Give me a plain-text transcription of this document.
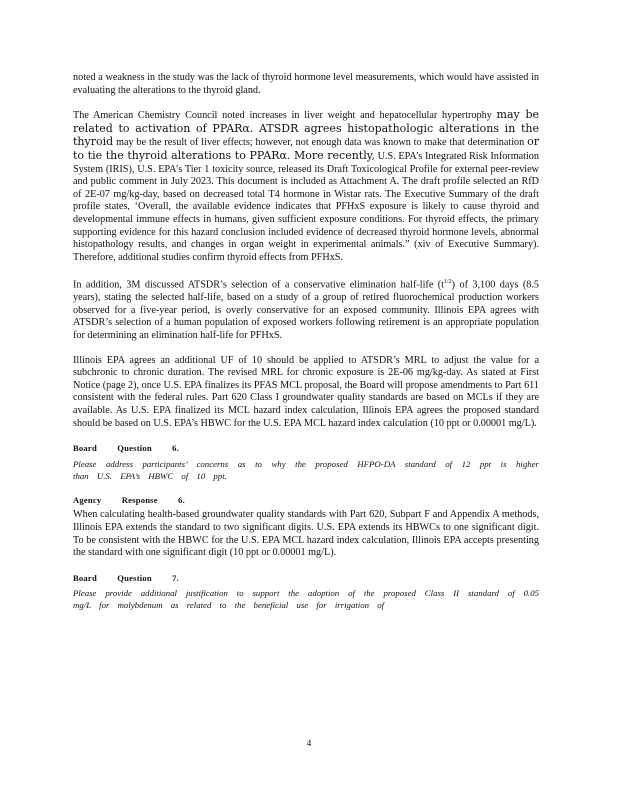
noted a weakness in the study was the lack of thyroid hormone level measurements, which would have assisted in evaluating the alterations to the thyroid gland.

The American Chemistry Council noted increases in liver weight and hepatocellular hypertrophy may be related to activation of PPARα. ATSDR agrees histopathologic alterations in the thyroid may be the result of liver effects; however, not enough data was known to make that determination or to tie the thyroid alterations to PPARα. More recently, U.S. EPA’s Integrated Risk Information System (IRIS), U.S. EPA’s Tier 1 toxicity source, released its Draft Toxicological Profile for external peer-review and public comment in July 2023. This document is included as Attachment A. The draft profile selected an RfD of 2E-07 mg/kg-day, based on decreased total T4 hormone in Wistar rats. The Executive Summary of the draft profile states, ‘Overall, the available evidence indicates that PFHxS exposure is likely to cause thyroid and developmental immune effects in humans, given sufficient exposure conditions. For thyroid effects, the primary supporting evidence for this hazard conclusion included evidence of decreased thyroid hormone levels, abnormal histopathology results, and changes in organ weight in experimental animals.” (xiv of Executive Summary). Therefore, additional studies confirm thyroid effects from PFHxS.

In addition, 3M discussed ATSDR’s selection of a conservative elimination half-life $(t^{1/2})$ of 3,100 days (8.5 years), stating the selected half-life, based on a study of a group of retired fluorochemical production workers observed for a five-year period, is overly conservative for an exposed community. Illinois EPA agrees with ATSDR’s selection of a human population of exposed workers following retirement is an appropriate population for determining an elimination half-life for PFHxS.

Illinois EPA agrees an additional UF of 10 should be applied to ATSDR’s MRL to adjust the value for a subchronic to chronic duration. The revised MRL for chronic exposure is 2E-06 mg/kg-day. As stated at First Notice (page 2), once U.S. EPA finalizes its PFAS MCL proposal, the Board will propose amendments to Part 611 consistent with the federal rules. Part 620 Class I groundwater quality standards are based on MCLs if they are available. As U.S. EPA finalized its MCL hazard index calculation, Illinois EPA agrees the proposed standard should be based on U.S. EPA’s HBWC for the U.S. EPA MCL hazard index calculation (10 ppt or 0.00001 mg/L).

Board Question 6.

Please address participants’ concerns as to why the proposed HFPO-DA standard of 12 ppt is higher than U.S. EPA’s HBWC of 10 ppt.

Agency Response 6.

When calculating health-based groundwater quality standards with Part 620, Subpart F and Appendix A methods, Illinois EPA extends the standard to two significant digits. U.S. EPA extends its HBWCs to one significant digit. To be consistent with the HBWC for the U.S. EPA MCL hazard index calculation, Illinois EPA accepts presenting the standard with one significant digit (10 ppt or 0.00001 mg/L).

Board Question 7.

Please provide additional justification to support the adoption of the proposed Class II standard of 0.05 mg/L for molybdenum as related to the beneficial use for irrigation of

4
